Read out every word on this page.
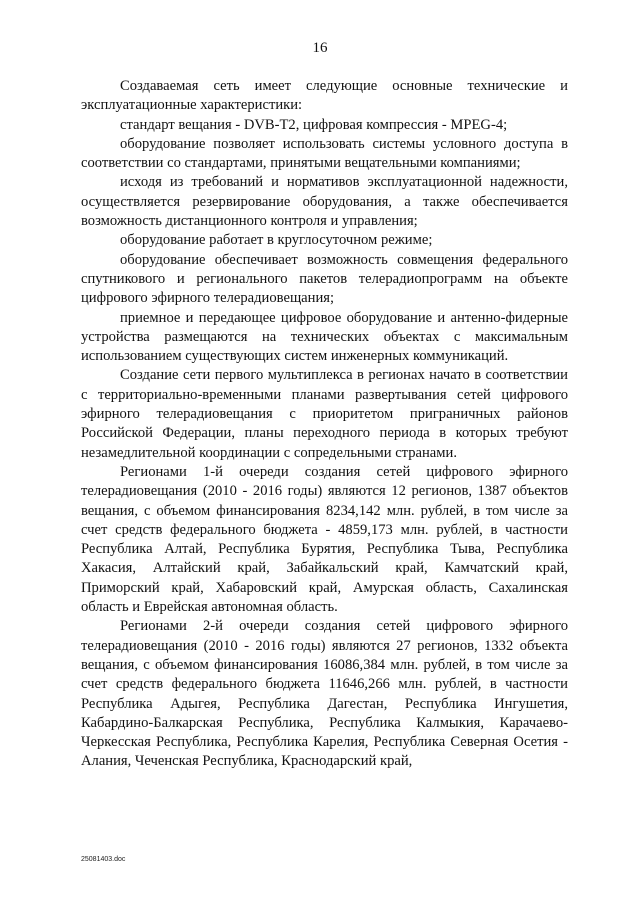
16

Создаваемая сеть имеет следующие основные технические и эксплуатационные характеристики:

стандарт вещания - DVB-T2, цифровая компрессия - MPEG-4;

оборудование позволяет использовать системы условного доступа в соответствии со стандартами, принятыми вещательными компаниями;

исходя из требований и нормативов эксплуатационной надежности, осуществляется резервирование оборудования, а также обеспечивается возможность дистанционного контроля и управления;

оборудование работает в круглосуточном режиме;

оборудование обеспечивает возможность совмещения федерального спутникового и регионального пакетов телерадиопрограмм на объекте цифрового эфирного телерадиовещания;

приемное и передающее цифровое оборудование и антенно-фидерные устройства размещаются на технических объектах с максимальным использованием существующих систем инженерных коммуникаций.

Создание сети первого мультиплекса в регионах начато в соответствии с территориально-временными планами развертывания сетей цифрового эфирного телерадиовещания с приоритетом приграничных районов Российской Федерации, планы переходного периода в которых требуют незамедлительной координации с сопредельными странами.

Регионами 1-й очереди создания сетей цифрового эфирного телерадиовещания (2010 - 2016 годы) являются 12 регионов, 1387 объектов вещания, с объемом финансирования 8234,142 млн. рублей, в том числе за счет средств федерального бюджета - 4859,173 млн. рублей, в частности Республика Алтай, Республика Бурятия, Республика Тыва, Республика Хакасия, Алтайский край, Забайкальский край, Камчатский край, Приморский край, Хабаровский край, Амурская область, Сахалинская область и Еврейская автономная область.

Регионами 2-й очереди создания сетей цифрового эфирного телерадиовещания (2010 - 2016 годы) являются 27 регионов, 1332 объекта вещания, с объемом финансирования 16086,384 млн. рублей, в том числе за счет средств федерального бюджета 11646,266 млн. рублей, в частности Республика Адыгея, Республика Дагестан, Республика Ингушетия, Кабардино-Балкарская Республика, Республика Калмыкия, Карачаево-Черкесская Республика, Республика Карелия, Республика Северная Осетия - Алания, Чеченская Республика, Краснодарский край,

25081403.doc
